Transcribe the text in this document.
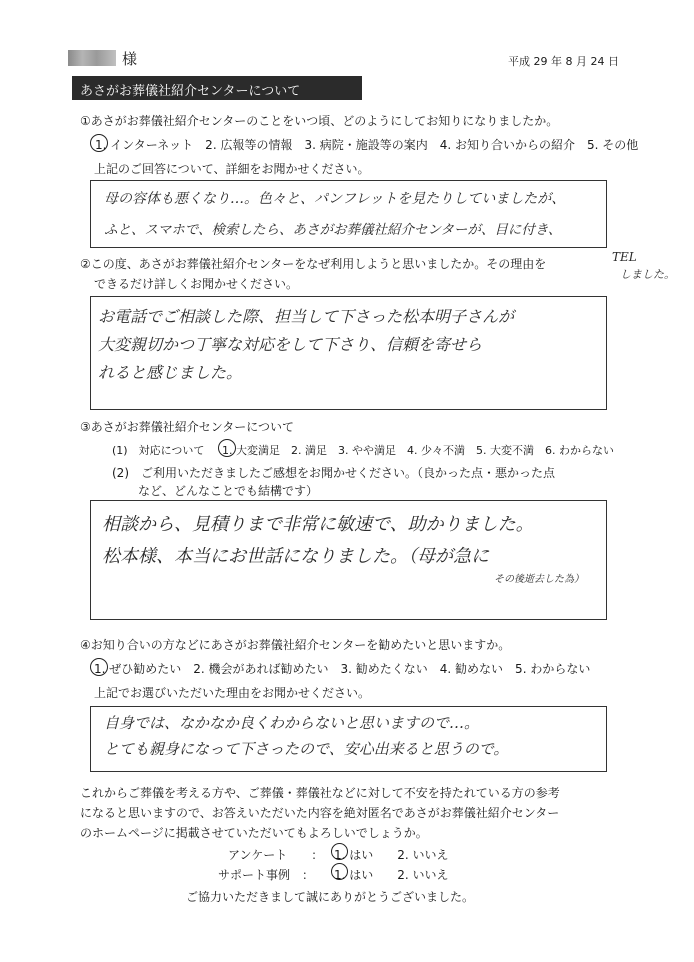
様	平成 29 年 8 月 24 日
あさがお葬儀社紹介センターについて
①あさがお葬儀社紹介センターのことをいつ頃、どのようにしてお知りになりましたか。
1. インターネット　2. 広報等の情報　3. 病院・施設等の案内　4. お知り合いからの紹介　5. その他
上記のご回答について、詳細をお聞かせください。
母の容体も悪くなり…。色々と、パンフレットを見たりしていましたが、
ふと、スマホで、検索したら、あさがお葬儀社紹介センターが、目に付き、
TEL
しました。
②この度、あさがお葬儀社紹介センターをなぜ利用しようと思いましたか。その理由を
できるだけ詳しくお聞かせください。
お電話でご相談した際、担当して下さった松本明子さんが
大変親切かつ丁寧な対応をして下さり、信頼を寄せら
れると感じました。
③あさがお葬儀社紹介センターについて
(1)　対応について 1. 大変満足　2. 満足　3. やや満足　4. 少々不満　5. 大変不満　6. わからない
(2)　ご利用いただきましたご感想をお聞かせください。（良かった点・悪かった点
など、どんなことでも結構です）
相談から、見積りまで非常に敏速で、助かりました。
松本様、本当にお世話になりました。（母が急に
その後逝去した為）
④お知り合いの方などにあさがお葬儀社紹介センターを勧めたいと思いますか。
1. ぜひ勧めたい　2. 機会があれば勧めたい　3. 勧めたくない　4. 勧めない　5. わからない
上記でお選びいただいた理由をお聞かせください。
自身では、なかなか良くわからないと思いますので…。
とても親身になって下さったので、安心出来ると思うので。
これからご葬儀を考える方や、ご葬儀・葬儀社などに対して不安を持たれている方の参考
になると思いますので、お答えいただいた内容を絶対匿名であさがお葬儀社紹介センター
のホームページに掲載させていただいてもよろしいでしょうか。
アンケート　　： 1. はい　　2. いいえ
サポート事例　： 1. はい　　2. いいえ
ご協力いただきまして誠にありがとうございました。
